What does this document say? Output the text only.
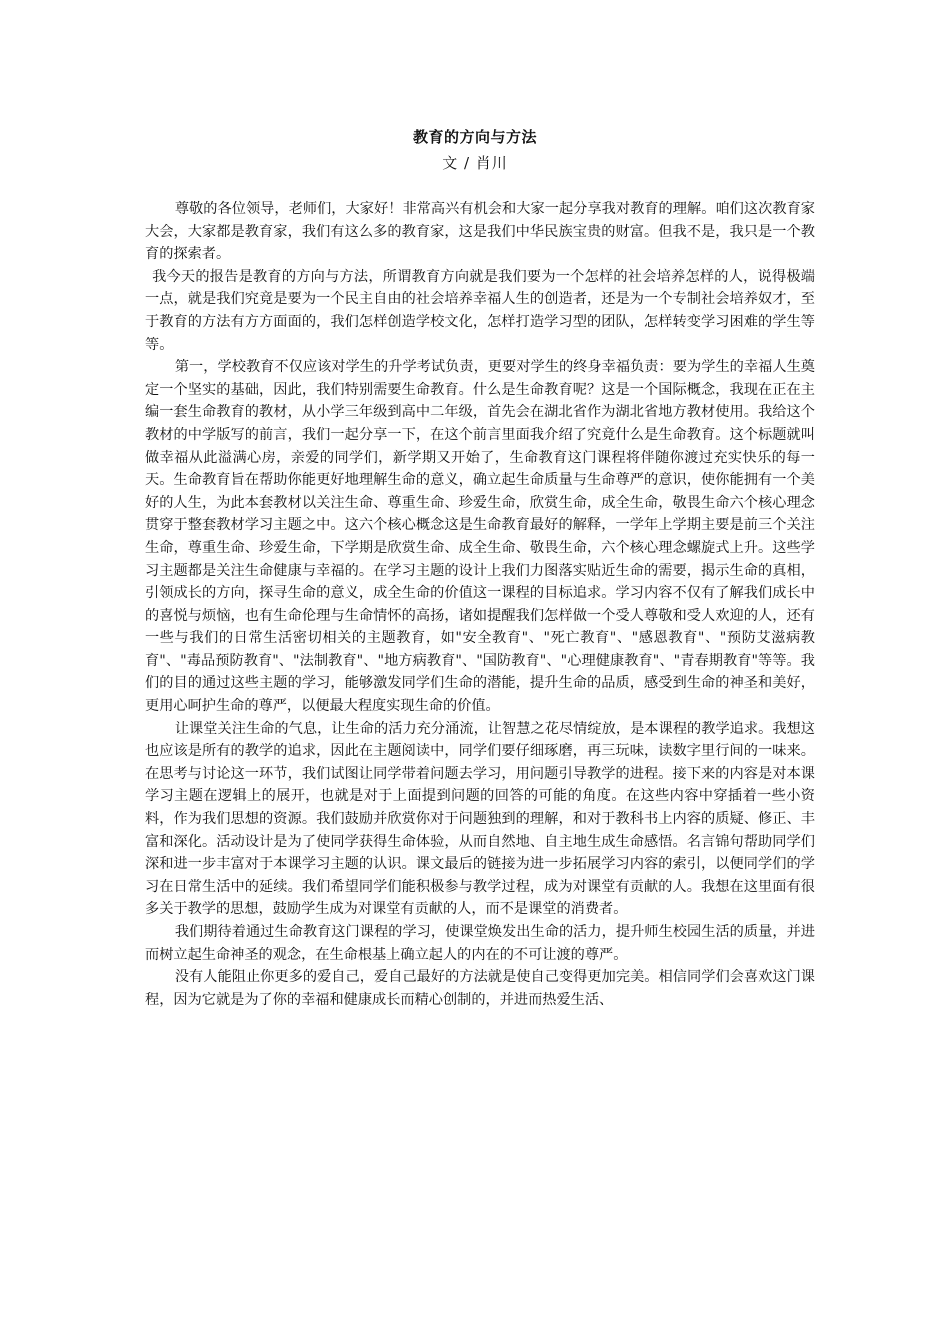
教育的方向与方法
文 / 肖川

尊敬的各位领导，老师们，大家好！非常高兴有机会和大家一起分享我对教育的理解。咱们这次教育家大会，大家都是教育家，我们有这么多的教育家，这是我们中华民族宝贵的财富。但我不是，我只是一个教育的探索者。

我今天的报告是教育的方向与方法，所谓教育方向就是我们要为一个怎样的社会培养怎样的人，说得极端一点，就是我们究竟是要为一个民主自由的社会培养幸福人生的创造者，还是为一个专制社会培养奴才，至于教育的方法有方方面面的，我们怎样创造学校文化，怎样打造学习型的团队，怎样转变学习困难的学生等等。

第一，学校教育不仅应该对学生的升学考试负责，更要对学生的终身幸福负责：要为学生的幸福人生奠定一个坚实的基础，因此，我们特别需要生命教育。什么是生命教育呢？这是一个国际概念，我现在正在主编一套生命教育的教材，从小学三年级到高中二年级，首先会在湖北省作为湖北省地方教材使用。我给这个教材的中学版写的前言，我们一起分享一下，在这个前言里面我介绍了究竟什么是生命教育。这个标题就叫做幸福从此溢满心房，亲爱的同学们，新学期又开始了，生命教育这门课程将伴随你渡过充实快乐的每一天。生命教育旨在帮助你能更好地理解生命的意义，确立起生命质量与生命尊严的意识，使你能拥有一个美好的人生，为此本套教材以关注生命、尊重生命、珍爱生命，欣赏生命，成全生命，敬畏生命六个核心理念贯穿于整套教材学习主题之中。这六个核心概念这是生命教育最好的解释，一学年上学期主要是前三个关注生命，尊重生命、珍爱生命，下学期是欣赏生命、成全生命、敬畏生命，六个核心理念螺旋式上升。这些学习主题都是关注生命健康与幸福的。在学习主题的设计上我们力图落实贴近生命的需要，揭示生命的真相，引领成长的方向，探寻生命的意义，成全生命的价值这一课程的目标追求。学习内容不仅有了解我们成长中的喜悦与烦恼，也有生命伦理与生命情怀的高扬，诸如提醒我们怎样做一个受人尊敬和受人欢迎的人，还有一些与我们的日常生活密切相关的主题教育，如"安全教育"、"死亡教育"、"感恩教育"、"预防艾滋病教育"、"毒品预防教育"、"法制教育"、"地方病教育"、"国防教育"、"心理健康教育"、"青春期教育"等等。我们的目的通过这些主题的学习，能够激发同学们生命的潜能，提升生命的品质，感受到生命的神圣和美好，更用心呵护生命的尊严，以便最大程度实现生命的价值。

让课堂关注生命的气息，让生命的活力充分涌流，让智慧之花尽情绽放，是本课程的教学追求。我想这也应该是所有的教学的追求，因此在主题阅读中，同学们要仔细琢磨，再三玩味，读数字里行间的一味来。在思考与讨论这一环节，我们试图让同学带着问题去学习，用问题引导教学的进程。接下来的内容是对本课学习主题在逻辑上的展开，也就是对于上面提到问题的回答的可能的角度。在这些内容中穿插着一些小资料，作为我们思想的资源。我们鼓励并欣赏你对于问题独到的理解，和对于教科书上内容的质疑、修正、丰富和深化。活动设计是为了使同学获得生命体验，从而自然地、自主地生成生命感悟。名言锦句帮助同学们深和进一步丰富对于本课学习主题的认识。课文最后的链接为进一步拓展学习内容的索引，以便同学们的学习在日常生活中的延续。我们希望同学们能积极参与教学过程，成为对课堂有贡献的人。我想在这里面有很多关于教学的思想，鼓励学生成为对课堂有贡献的人，而不是课堂的消费者。

我们期待着通过生命教育这门课程的学习，使课堂焕发出生命的活力，提升师生校园生活的质量，并进而树立起生命神圣的观念，在生命根基上确立起人的内在的不可让渡的尊严。

没有人能阻止你更多的爱自己，爱自己最好的方法就是使自己变得更加完美。相信同学们会喜欢这门课程，因为它就是为了你的幸福和健康成长而精心创制的，并进而热爱生活、
